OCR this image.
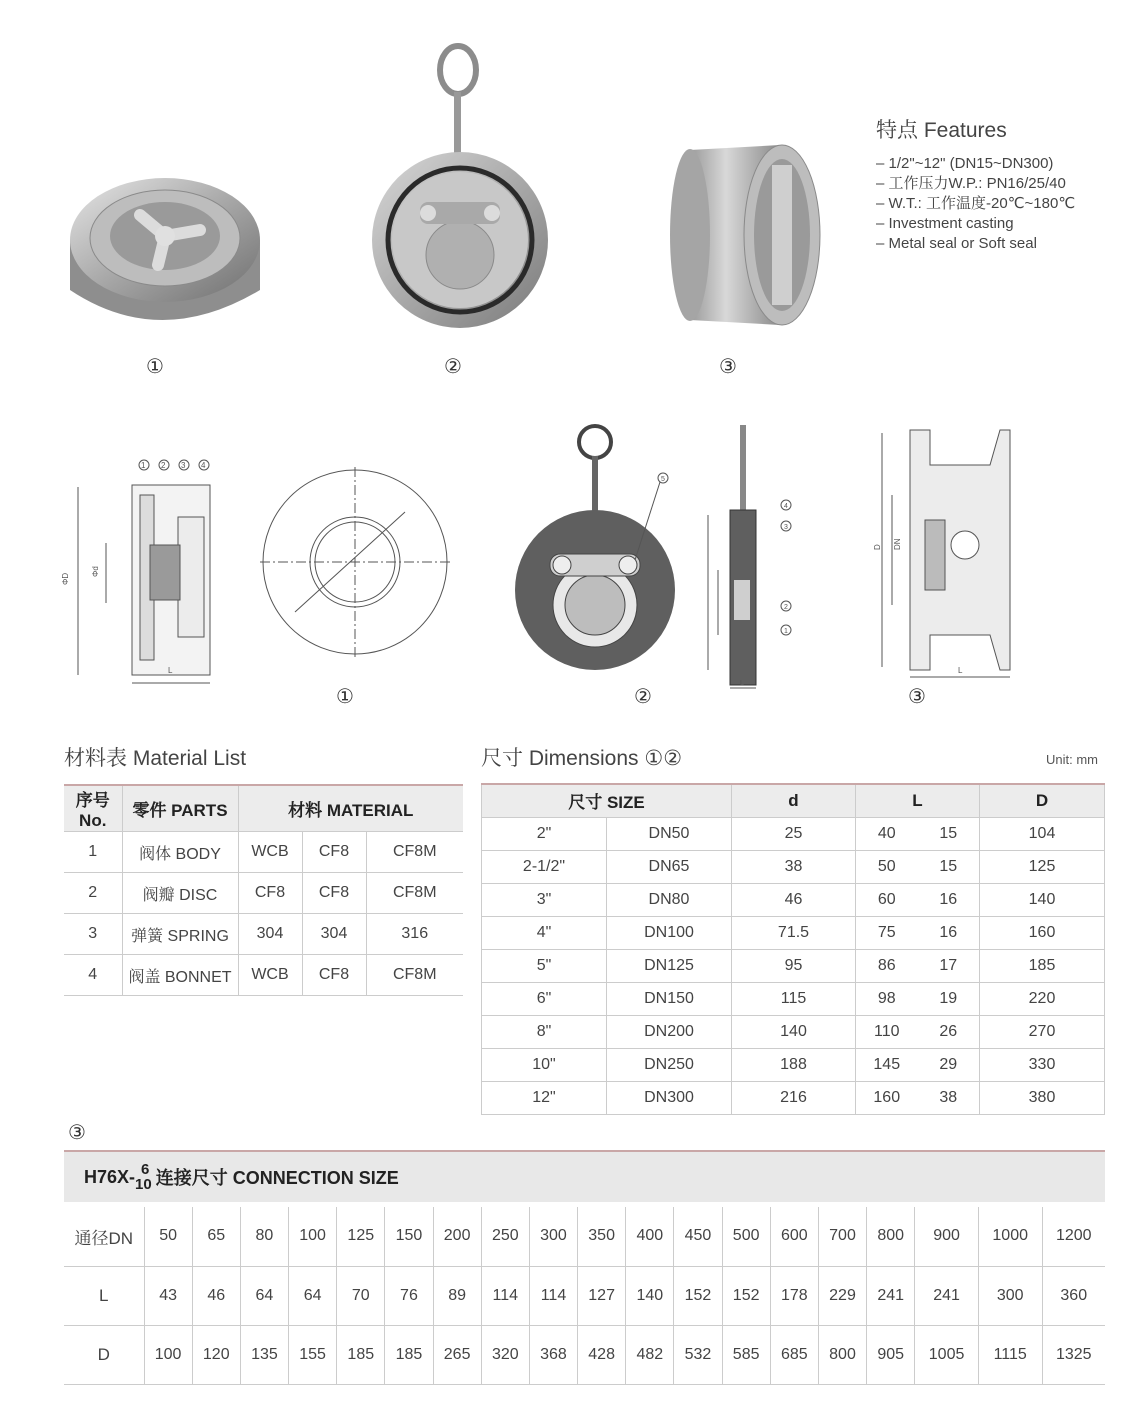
①	②	③
特点 Features
– 1/2"~12" (DN15~DN300)
– 工作压力W.P.: PN16/25/40
– W.T.: 工作温度-20℃~180℃
– Investment casting
– Metal seal or Soft seal
ΦD
Φd
L
1 2 3 4
5
4
3
2
1
L
D DN
L
①	②	③
材料表 Material List
序号No.	零件 PARTS	材料 MATERIAL		
1	阀体 BODY	WCB	CF8	CF8M
2	阀瓣 DISC	CF8	CF8	CF8M
3	弹簧 SPRING	304	304	316
4	阀盖 BONNET	WCB	CF8	CF8M
尺寸 Dimensions ①②	Unit: mm
尺寸 SIZE		d	L		D
2"	DN50	25	40	15	104
2-1/2"	DN65	38	50	15	125
3"	DN80	46	60	16	140
4"	DN100	71.5	75	16	160
5"	DN125	95	86	17	185
6"	DN150	115	98	19	220
8"	DN200	140	110	26	270
10"	DN250	188	145	29	330
12"	DN300	216	160	38	380
③
H76X- 6
10 连接尺寸 CONNECTION SIZE
通径DN	50	65	80	100	125	150	200	250	300	350	400	450	500	600	700	800	900	1000	1200
L	43	46	64	64	70	76	89	114	114	127	140	152	152	178	229	241	241	300	360
D	100	120	135	155	185	185	265	320	368	428	482	532	585	685	800	905	1005	1115	1325
